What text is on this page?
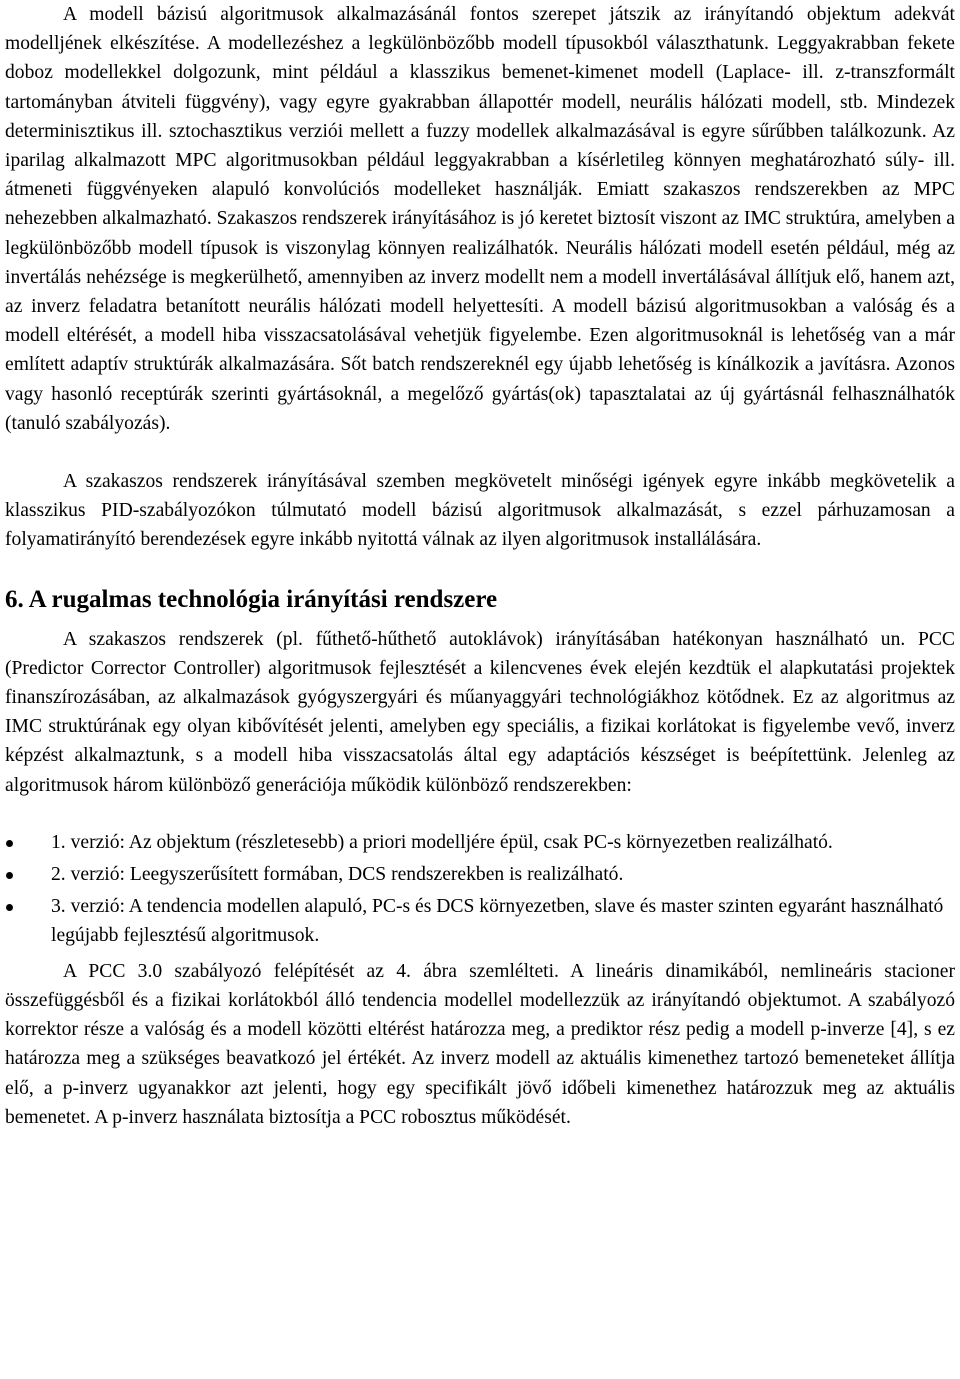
A modell bázisú algoritmusok alkalmazásánál fontos szerepet játszik az irányítandó objektum adekvát modelljének elkészítése. A modellezéshez a legkülönbözőbb modell típusokból választhatunk. Leggyakrabban fekete doboz modellekkel dolgozunk, mint például a klasszikus bemenet-kimenet modell (Laplace- ill. z-transzformált tartományban átviteli függvény), vagy egyre gyakrabban állapottér modell, neurális hálózati modell, stb. Mindezek determinisztikus ill. sztochasztikus verziói mellett a fuzzy modellek alkalmazásával is egyre sűrűbben találkozunk. Az iparilag alkalmazott MPC algoritmusokban például leggyakrabban a kísérletileg könnyen meghatározható súly- ill. átmeneti függvényeken alapuló konvolúciós modelleket használják. Emiatt szakaszos rendszerekben az MPC nehezebben alkalmazható. Szakaszos rendszerek irányításához is jó keretet biztosít viszont az IMC struktúra, amelyben a legkülönbözőbb modell típusok is viszonylag könnyen realizálhatók. Neurális hálózati modell esetén például, még az invertálás nehézsége is megkerülhető, amennyiben az inverz modellt nem a modell invertálásával állítjuk elő, hanem azt, az inverz feladatra betanított neurális hálózati modell helyettesíti. A modell bázisú algoritmusokban a valóság és a modell eltérését, a modell hiba visszacsatolásával vehetjük figyelembe. Ezen algoritmusoknál is lehetőség van a már említett adaptív struktúrák alkalmazására. Sőt batch rendszereknél egy újabb lehetőség is kínálkozik a javításra. Azonos vagy hasonló receptúrák szerinti gyártásoknál, a megelőző gyártás(ok) tapasztalatai az új gyártásnál felhasználhatók (tanuló szabályozás).

A szakaszos rendszerek irányításával szemben megkövetelt minőségi igények egyre inkább megkövetelik a klasszikus PID-szabályozókon túlmutató modell bázisú algoritmusok alkalmazását, s ezzel párhuzamosan a folyamatirányító berendezések egyre inkább nyitottá válnak az ilyen algoritmusok installálására.

6. A rugalmas technológia irányítási rendszere

A szakaszos rendszerek (pl. fűthető-hűthető autoklávok) irányításában hatékonyan használható un. PCC (Predictor Corrector Controller) algoritmusok fejlesztését a kilencvenes évek elején kezdtük el alapkutatási projektek finanszírozásában, az alkalmazások gyógyszergyári és műanyaggyári technológiákhoz kötődnek. Ez az algoritmus az IMC struktúrának egy olyan kibővítését jelenti, amelyben egy speciális, a fizikai korlátokat is figyelembe vevő, inverz képzést alkalmaztunk, s a modell hiba visszacsatolás által egy adaptációs készséget is beépítettünk. Jelenleg az algoritmusok három különböző generációja működik különböző rendszerekben:

1. verzió: Az objektum (részletesebb) a priori modelljére épül, csak PC-s környezetben realizálható.
2. verzió: Leegyszerűsített formában, DCS rendszerekben is realizálható.
3. verzió: A tendencia modellen alapuló, PC-s és DCS környezetben, slave és master szinten egyaránt használható legújabb fejlesztésű algoritmusok.

A PCC 3.0 szabályozó felépítését az 4. ábra szemlélteti. A lineáris dinamikából, nemlineáris stacioner összefüggésből és a fizikai korlátokból álló tendencia modellel modellezzük az irányítandó objektumot. A szabályozó korrektor része a valóság és a modell közötti eltérést határozza meg, a prediktor rész pedig a modell p-inverze [4], s ez határozza meg a szükséges beavatkozó jel értékét. Az inverz modell az aktuális kimenethez tartozó bemeneteket állítja elő, a p-inverz ugyanakkor azt jelenti, hogy egy specifikált jövő időbeli kimenethez határozzuk meg az aktuális bemenetet. A p-inverz használata biztosítja a PCC robosztus működését.
